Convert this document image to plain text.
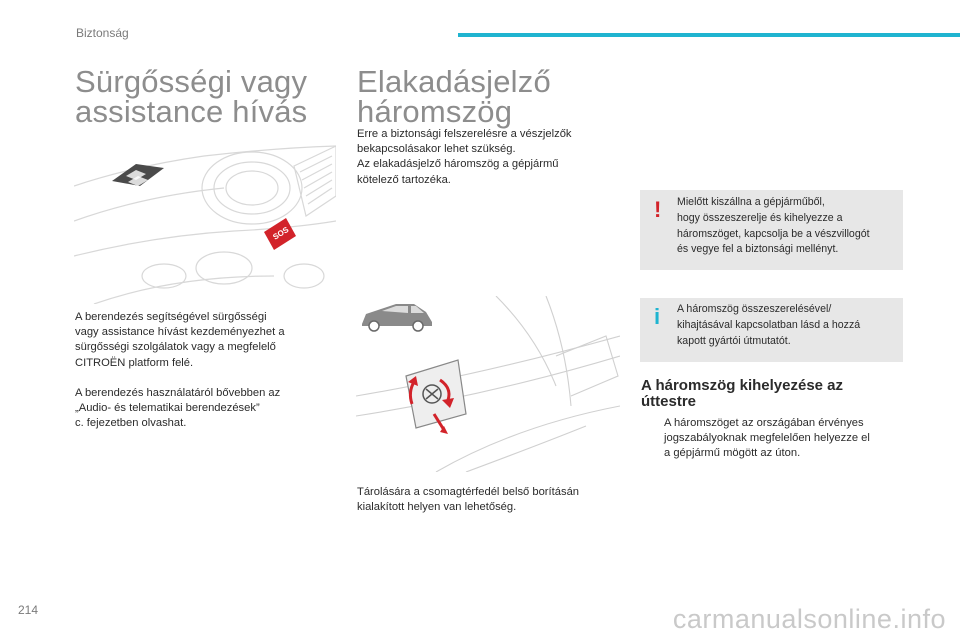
Biztonság
Sürgősségi vagy
assistance hívás
SOS
A berendezés segítségével sürgősségi
vagy assistance hívást kezdeményezhet a
sürgősségi szolgálatok vagy a megfelelő
CITROËN platform felé.
A berendezés használatáról bővebben az
„Audio- és telematikai berendezések”
c. fejezetben olvashat.
Elakadásjelző
háromszög
Erre a biztonsági felszerelésre a vészjelzők
bekapcsolásakor lehet szükség.
Az elakadásjelző háromszög a gépjármű
kötelező tartozéka.
Tárolására a csomagtérfedél belső borításán
kialakított helyen van lehetőség.
! Mielőtt kiszállna a gépjárműből,
hogy összeszerelje és kihelyezze a
háromszöget, kapcsolja be a vészvillogót
és vegye fel a biztonsági mellényt.
i A háromszög összeszerelésével/
kihajtásával kapcsolatban lásd a hozzá
kapott gyártói útmutatót.
A háromszög kihelyezése az
úttestre
A háromszöget az országában érvényes
jogszabályoknak megfelelően helyezze el
a gépjármű mögött az úton.
214	carmanualsonline.info
